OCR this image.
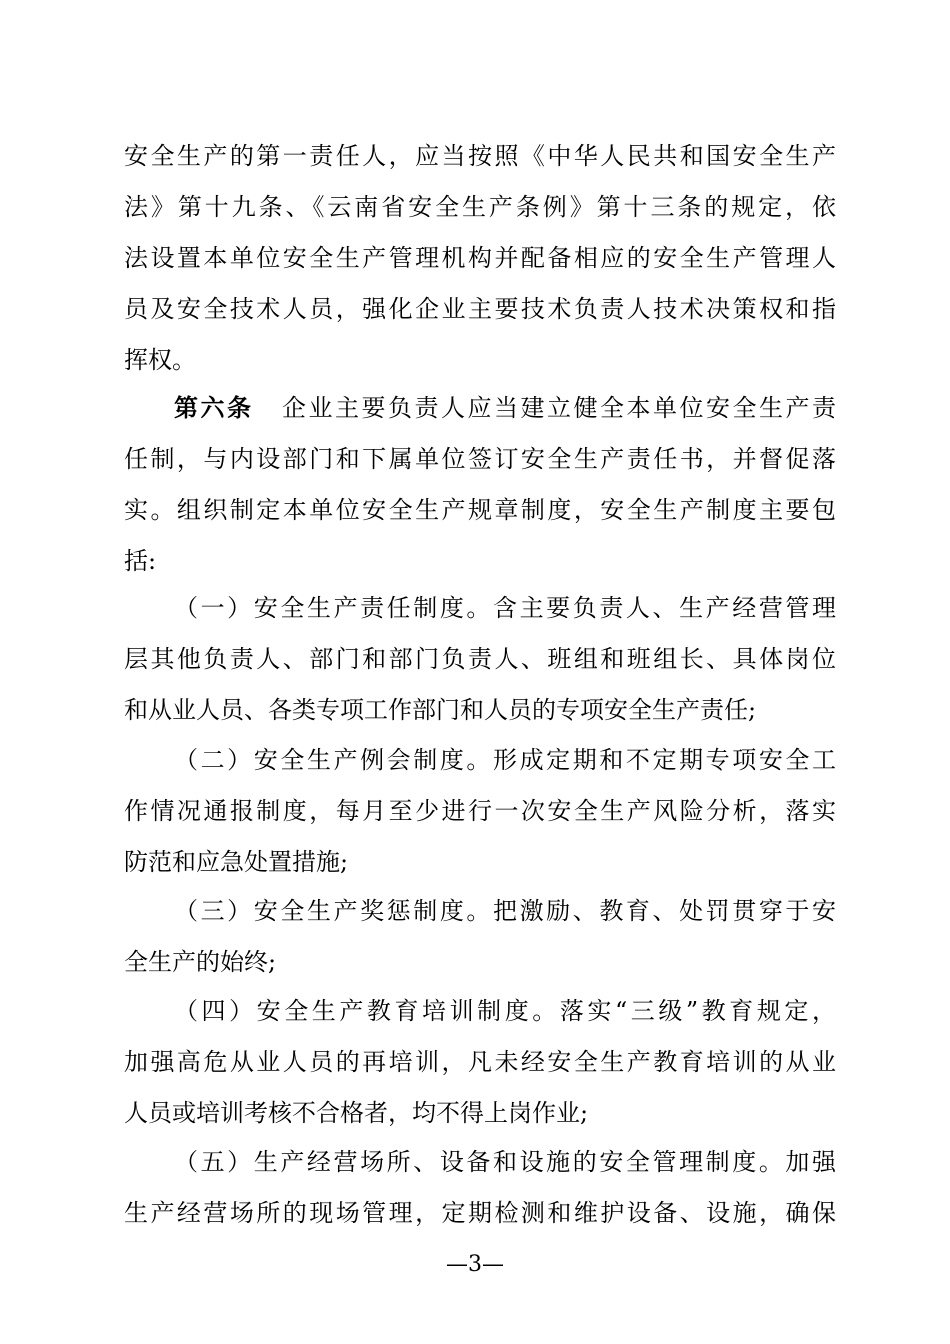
安全生产的第一责任人，应当按照《中华人民共和国安全生产
法》第十九条、《云南省安全生产条例》第十三条的规定，依
法设置本单位安全生产管理机构并配备相应的安全生产管理人
员及安全技术人员，强化企业主要技术负责人技术决策权和指
挥权。
第六条 企业主要负责人应当建立健全本单位安全生产责
任制，与内设部门和下属单位签订安全生产责任书，并督促落
实。组织制定本单位安全生产规章制度，安全生产制度主要包
括:
（一）安全生产责任制度。含主要负责人、生产经营管理
层其他负责人、部门和部门负责人、班组和班组长、具体岗位
和从业人员、各类专项工作部门和人员的专项安全生产责任;
（二）安全生产例会制度。形成定期和不定期专项安全工
作情况通报制度，每月至少进行一次安全生产风险分析，落实
防范和应急处置措施;
（三）安全生产奖惩制度。把激励、教育、处罚贯穿于安
全生产的始终;
（四）安全生产教育培训制度。落实“三级”教育规定，
加强高危从业人员的再培训，凡未经安全生产教育培训的从业
人员或培训考核不合格者，均不得上岗作业;
（五）生产经营场所、设备和设施的安全管理制度。加强
生产经营场所的现场管理，定期检测和维护设备、设施，确保
—3—
